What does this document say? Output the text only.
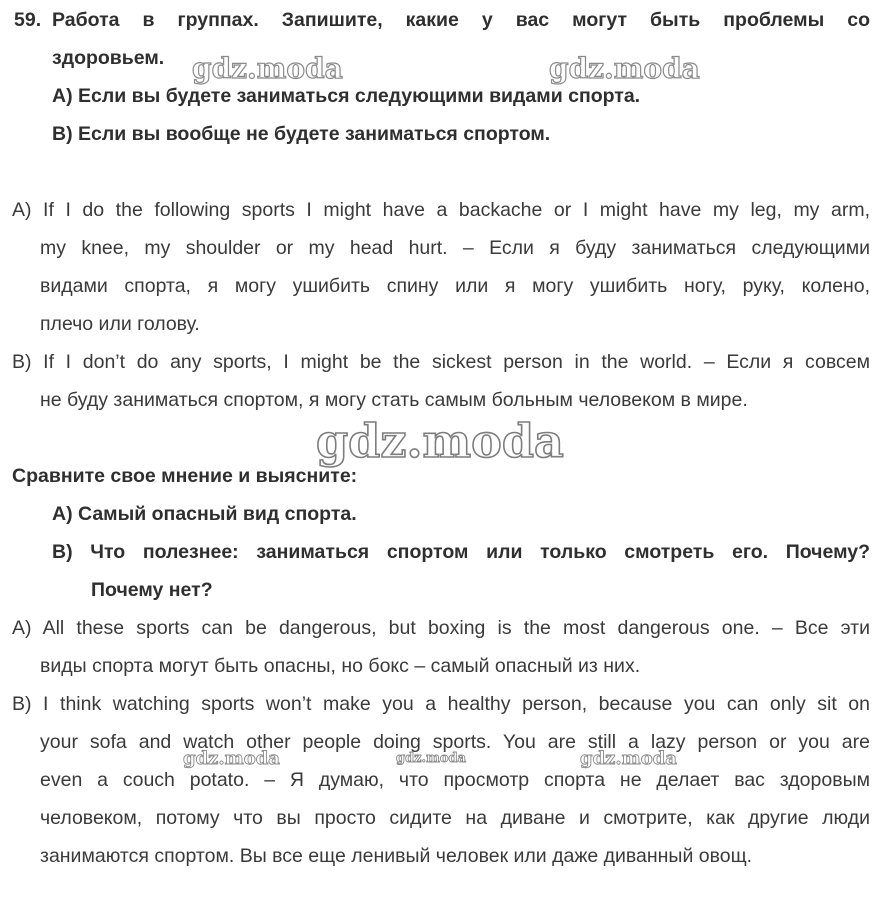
59. Работа в группах. Запишите, какие у вас могут быть проблемы со
здоровьем.
A) Если вы будете заниматься следующими видами спорта.
B) Если вы вообще не будете заниматься спортом.
A) If I do the following sports I might have a backache or I might have my leg, my arm,
my knee, my shoulder or my head hurt. – Если я буду заниматься следующими
видами спорта, я могу ушибить спину или я могу ушибить ногу, руку, колено,
плечо или голову.
B) If I don’t do any sports, I might be the sickest person in the world. – Если я совсем
не буду заниматься спортом, я могу стать самым больным человеком в мире.
Сравните свое мнение и выясните:
A) Самый опасный вид спорта.
B) Что полезнее: заниматься спортом или только смотреть его. Почему?
Почему нет?
A) All these sports can be dangerous, but boxing is the most dangerous one. – Все эти
виды спорта могут быть опасны, но бокс – самый опасный из них.
B) I think watching sports won’t make you a healthy person, because you can only sit on
your sofa and watch other people doing sports. You are still a lazy person or you are
even a couch potato. – Я думаю, что просмотр спорта не делает вас здоровым
человеком, потому что вы просто сидите на диване и смотрите, как другие люди
занимаются спортом. Вы все еще ленивый человек или даже диванный овощ.
gdz.moda	gdz.moda
gdz.moda
gdz.moda	gdz.moda	gdz.moda
